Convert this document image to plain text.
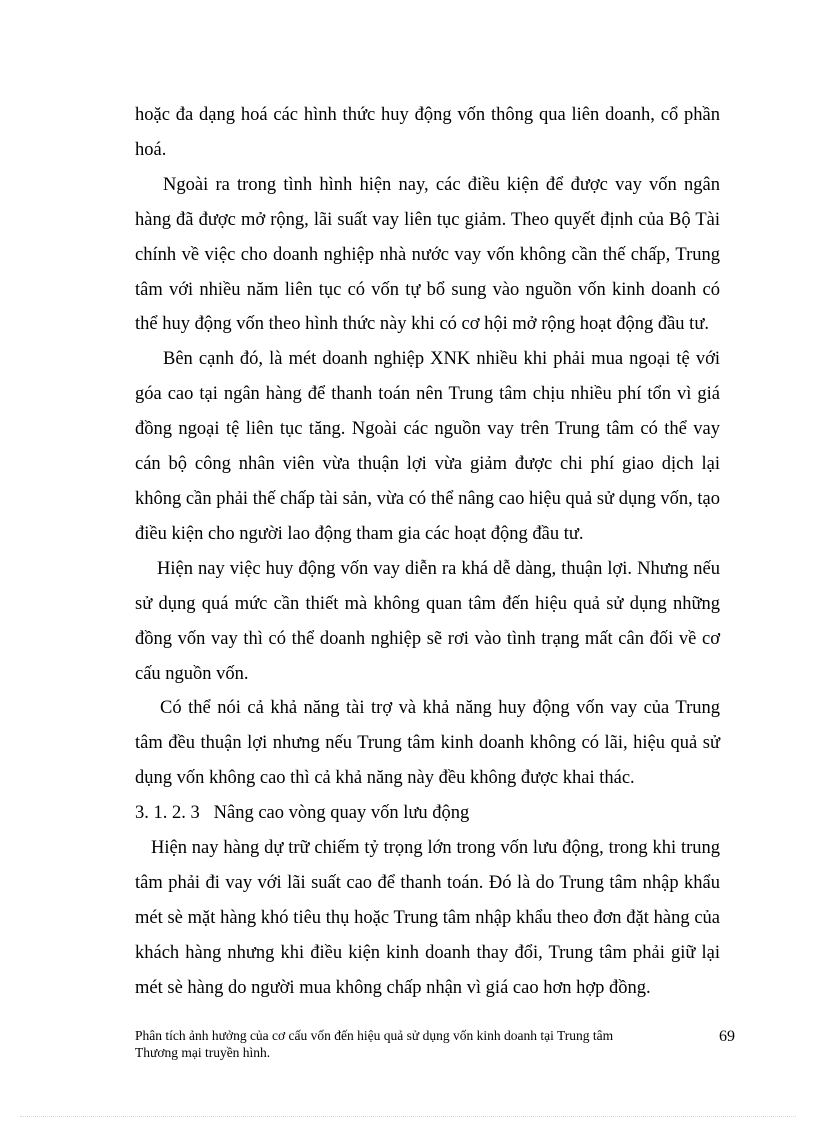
hoặc đa dạng hoá các hình thức huy động vốn thông qua liên doanh, cổ phần hoá.

Ngoài ra trong tình hình hiện nay, các điều kiện để được vay vốn ngân hàng đã được mở rộng, lãi suất vay liên tục giảm. Theo quyết định của Bộ Tài chính về việc cho doanh nghiệp nhà nước vay vốn không cần thế chấp, Trung tâm với nhiều năm liên tục có vốn tự bổ sung vào nguồn vốn kinh doanh có thể huy động vốn theo hình thức này khi có cơ hội mở rộng hoạt động đầu tư.

Bên cạnh đó, là mét doanh nghiệp XNK nhiều khi phải mua ngoại tệ với góa cao tại ngân hàng để thanh toán nên Trung tâm chịu nhiều phí tổn vì giá đồng ngoại tệ liên tục tăng. Ngoài các nguồn vay trên Trung tâm có thể vay cán bộ công nhân viên vừa thuận lợi vừa giảm được chi phí giao dịch lại không cần phải thế chấp tài sản, vừa có thể nâng cao hiệu quả sử dụng vốn, tạo điều kiện cho người lao động tham gia các hoạt động đầu tư.

Hiện nay việc huy động vốn vay diễn ra khá dễ dàng, thuận lợi. Nhưng nếu sử dụng quá mức cần thiết mà không quan tâm đến hiệu quả sử dụng những đồng vốn vay thì có thể doanh nghiệp sẽ rơi vào tình trạng mất cân đối về cơ cấu nguồn vốn.

Có thể nói cả khả năng tài trợ và khả năng huy động vốn vay của Trung tâm đều thuận lợi nhưng nếu Trung tâm kinh doanh không có lãi, hiệu quả sử dụng vốn không cao thì cả khả năng này đều không được khai thác.

3. 1. 2. 3   Nâng cao vòng quay vốn lưu động

Hiện nay hàng dự trữ chiếm tỷ trọng lớn trong vốn lưu động, trong khi trung tâm phải đi vay với lãi suất cao để thanh toán. Đó là do Trung tâm nhập khẩu mét sè mặt hàng khó tiêu thụ hoặc Trung tâm nhập khẩu theo đơn đặt hàng của khách hàng nhưng khi điều kiện kinh doanh thay đổi, Trung tâm phải giữ lại mét sè hàng do người mua không chấp nhận vì giá cao hơn hợp đồng.

Phân tích ảnh hưởng của cơ cấu vốn đến hiệu quả sử dụng vốn kinh doanh tại Trung tâm
Thương mại truyền hình.
69
